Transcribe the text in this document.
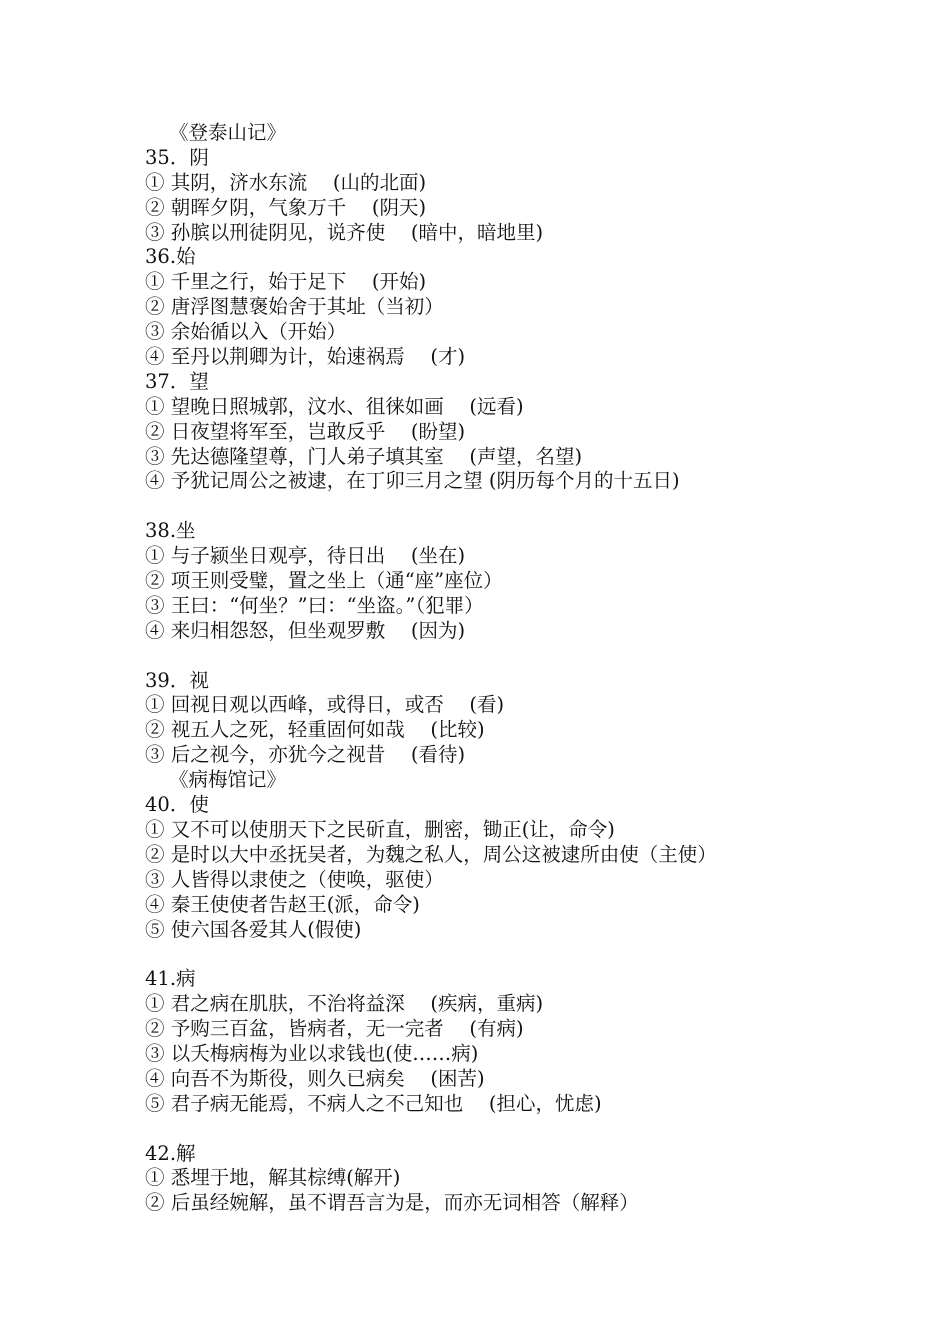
《登泰山记》
35．阴
① 其阴，济水东流　 (山的北面)
② 朝晖夕阴，气象万千　 (阴天)
③ 孙膑以刑徒阴见，说齐使　 (暗中，暗地里)
36.始
① 千里之行，始于足下　 (开始)
② 唐浮图慧褒始舍于其址（当初）
③ 余始循以入（开始）
④ 至丹以荆卿为计，始速祸焉　 (才)
37．望
① 望晚日照城郭，汶水、徂徕如画　 (远看)
② 日夜望将军至，岂敢反乎　 (盼望)
③ 先达德隆望尊，门人弟子填其室　 (声望，名望)
④ 予犹记周公之被逮，在丁卯三月之望 (阴历每个月的十五日)
38.坐
① 与子颍坐日观亭，待日出　 (坐在)
② 项王则受璧，置之坐上（通“座”座位）
③ 王曰：“何坐？”曰：“坐盗。”（犯罪）
④ 来归相怨怒，但坐观罗敷　 (因为)
39．视
① 回视日观以西峰，或得日，或否　 (看)
② 视五人之死，轻重固何如哉　 (比较)
③ 后之视今，亦犹今之视昔　 (看待)
《病梅馆记》
40．使
① 又不可以使朋天下之民斫直，删密，锄正(让，命令)
② 是时以大中丞抚吴者，为魏之私人，周公这被逮所由使（主使）
③ 人皆得以隶使之（使唤，驱使）
④ 秦王使使者告赵王(派，命令)
⑤ 使六国各爱其人(假使)
41.病
① 君之病在肌肤，不治将益深　 (疾病，重病)
② 予购三百盆，皆病者，无一完者　 (有病)
③ 以夭梅病梅为业以求钱也(使……病)
④ 向吾不为斯役，则久已病矣　 (困苦)
⑤ 君子病无能焉，不病人之不己知也　 (担心，忧虑)
42.解
① 悉埋于地，解其棕缚(解开)
② 后虽经婉解，虽不谓吾言为是，而亦无词相答（解释）
